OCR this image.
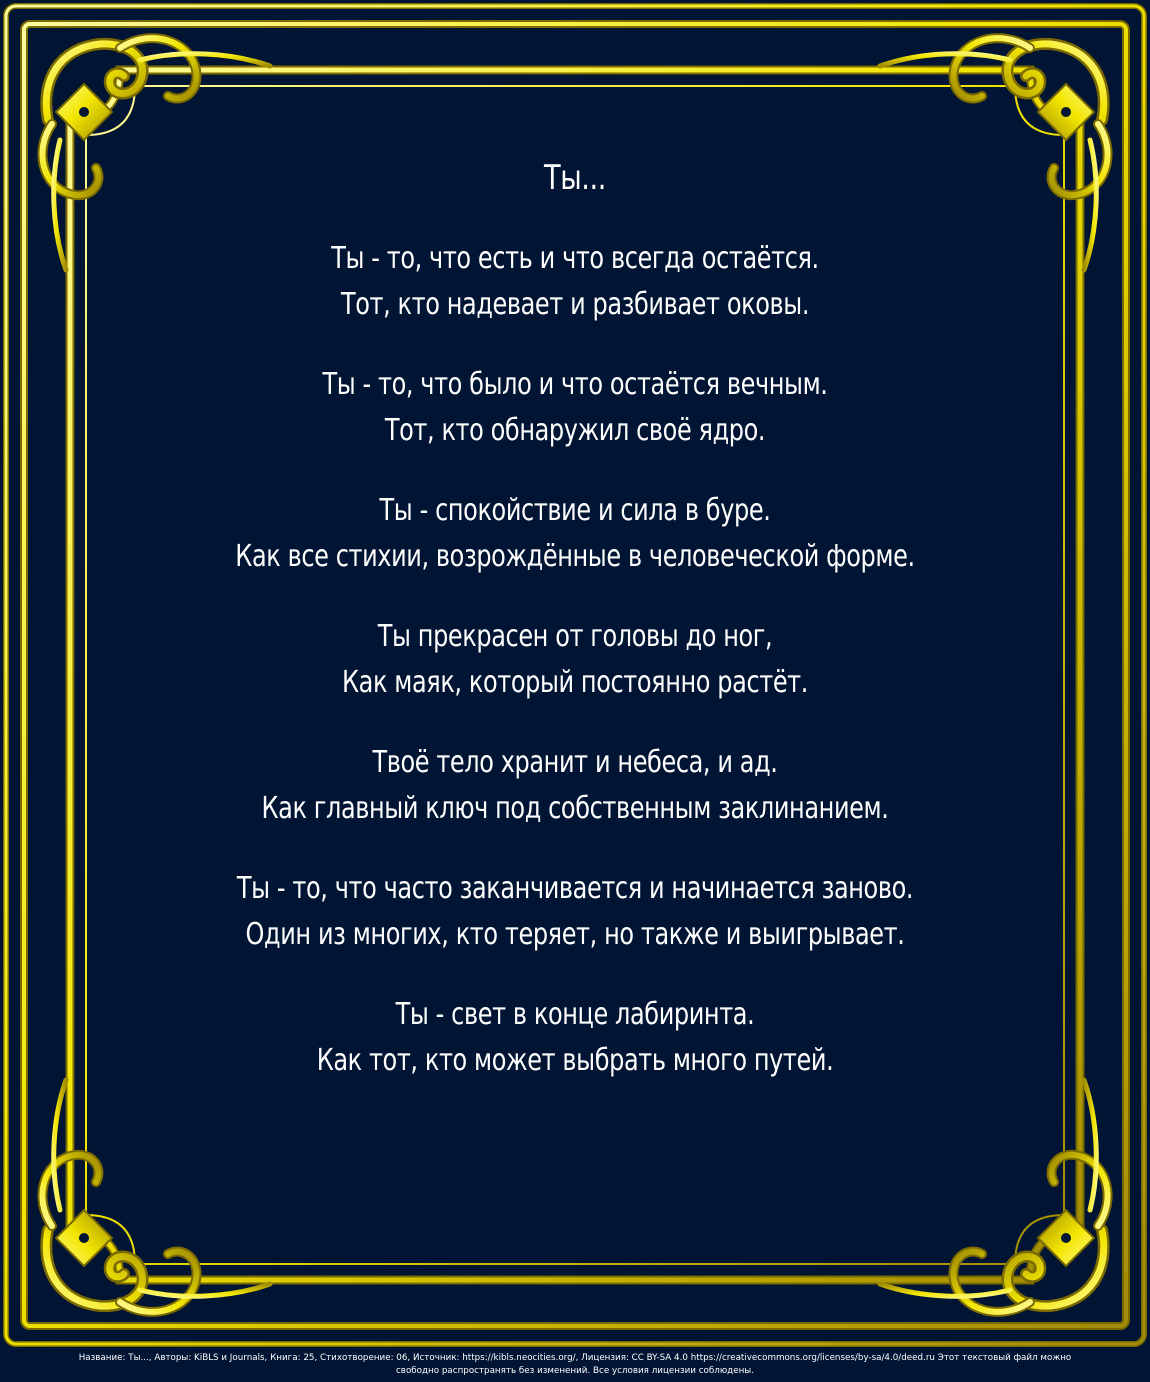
Ты...
Ты - то, что есть и что всегда остаётся.
Тот, кто надевает и разбивает оковы.
Ты - то, что было и что остаётся вечным.
Тот, кто обнаружил своё ядро.
Ты - спокойствие и сила в буре.
Как все стихии, возрождённые в человеческой форме.
Ты прекрасен от головы до ног,
Как маяк, который постоянно растёт.
Твоё тело хранит и небеса, и ад.
Как главный ключ под собственным заклинанием.
Ты - то, что часто заканчивается и начинается заново.
Один из многих, кто теряет, но также и выигрывает.
Ты - свет в конце лабиринта.
Как тот, кто может выбрать много путей.
Название: Ты..., Авторы: KiBLS и Journals, Книга: 25, Стихотворение: 06, Источник: https://kibls.neocities.org/, Лицензия: CC BY-SA 4.0 https://creativecommons.org/licenses/by-sa/4.0/deed.ru Этот текстовый файл можно
свободно распространять без изменений. Все условия лицензии соблюдены.
